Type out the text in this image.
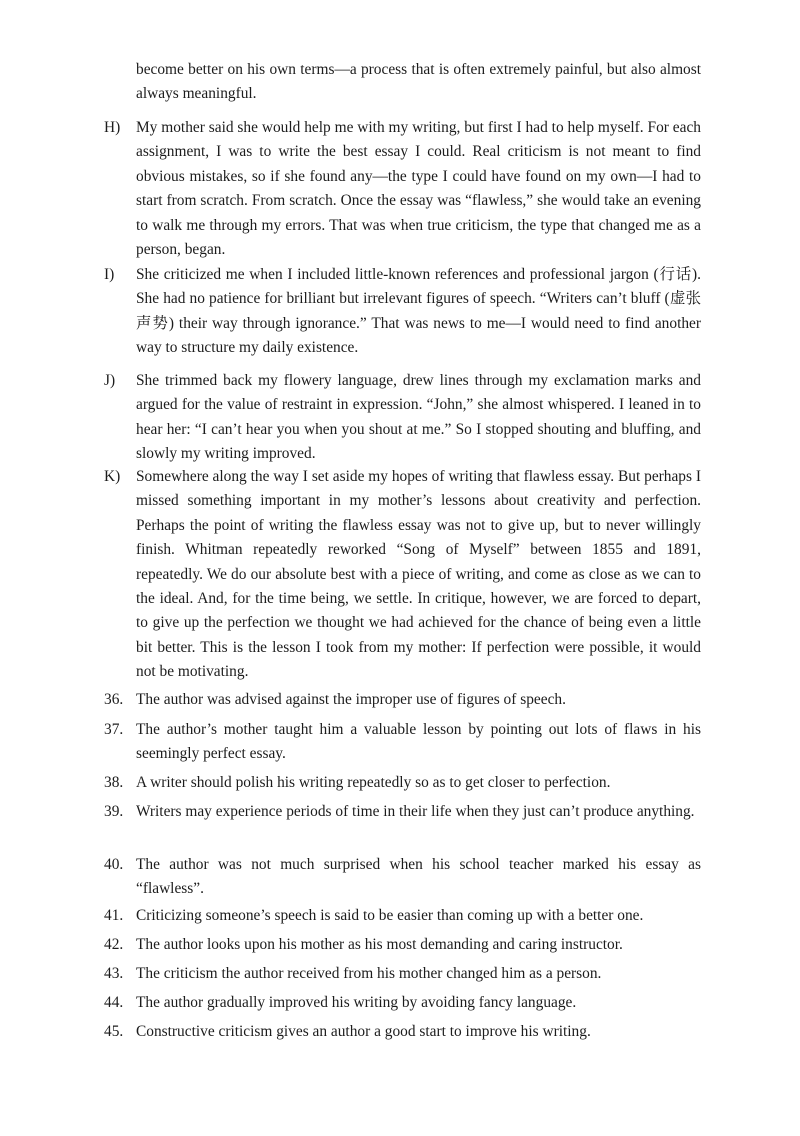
become better on his own terms—a process that is often extremely painful, but also almost always meaningful.

H) My mother said she would help me with my writing, but first I had to help myself. For each assignment, I was to write the best essay I could. Real criticism is not meant to find obvious mistakes, so if she found any—the type I could have found on my own—I had to start from scratch. From scratch. Once the essay was “flawless,” she would take an evening to walk me through my errors. That was when true criticism, the type that changed me as a person, began.
I) She criticized me when I included little-known references and professional jargon (行话). She had no patience for brilliant but irrelevant figures of speech. “Writers can’t bluff (虚张声势) their way through ignorance.” That was news to me—I would need to find another way to structure my daily existence.
J) She trimmed back my flowery language, drew lines through my exclamation marks and argued for the value of restraint in expression. “John,” she almost whispered. I leaned in to hear her: “I can’t hear you when you shout at me.” So I stopped shouting and bluffing, and slowly my writing improved.
K) Somewhere along the way I set aside my hopes of writing that flawless essay. But perhaps I missed something important in my mother’s lessons about creativity and perfection. Perhaps the point of writing the flawless essay was not to give up, but to never willingly finish. Whitman repeatedly reworked “Song of Myself” between 1855 and 1891, repeatedly. We do our absolute best with a piece of writing, and come as close as we can to the ideal. And, for the time being, we settle. In critique, however, we are forced to depart, to give up the perfection we thought we had achieved for the chance of being even a little bit better. This is the lesson I took from my mother: If perfection were possible, it would not be motivating.
36. The author was advised against the improper use of figures of speech.
37. The author’s mother taught him a valuable lesson by pointing out lots of flaws in his seemingly perfect essay.
38. A writer should polish his writing repeatedly so as to get closer to perfection.
39. Writers may experience periods of time in their life when they just can’t produce anything.
40. The author was not much surprised when his school teacher marked his essay as “flawless”.
41. Criticizing someone’s speech is said to be easier than coming up with a better one.
42. The author looks upon his mother as his most demanding and caring instructor.
43. The criticism the author received from his mother changed him as a person.
44. The author gradually improved his writing by avoiding fancy language.
45. Constructive criticism gives an author a good start to improve his writing.
